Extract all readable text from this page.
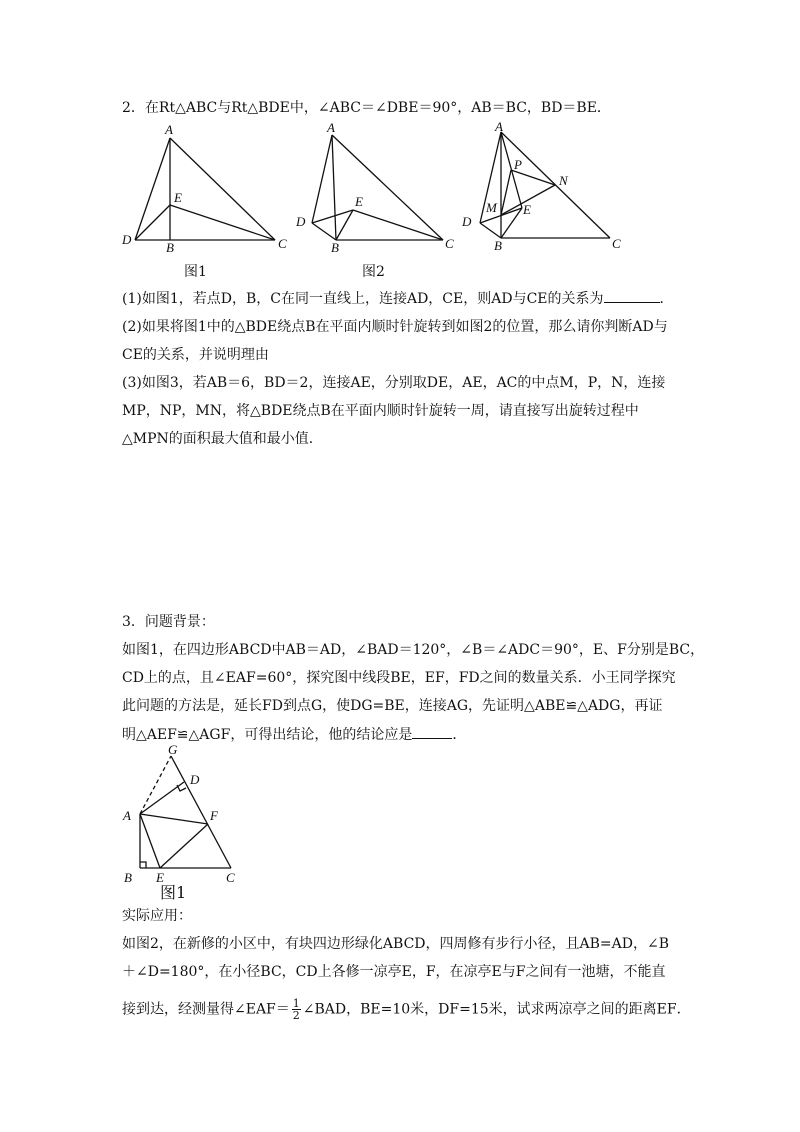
2．在Rt△ABC与Rt△BDE中，∠ABC＝∠DBE＝90°，AB＝BC，BD＝BE．
A
E
D
B	C
A
E
D
B	C
A
P
N
M E
D
B	C
图1	图2
(1)如图1，若点D，B，C在同一直线上，连接AD，CE，则AD与CE的关系为	．
(2)如果将图1中的△BDE绕点B在平面内顺时针旋转到如图2的位置，那么请你判断AD与
CE的关系，并说明理由
(3)如图3，若AB＝6，BD＝2，连接AE，分别取DE，AE，AC的中点M，P，N，连接
MP，NP，MN，将△BDE绕点B在平面内顺时针旋转一周，请直接写出旋转过程中
△MPN的面积最大值和最小值．
3．问题背景：
如图1，在四边形ABCD中AB＝AD，∠BAD＝120°，∠B＝∠ADC＝90°，E、F分别是BC，
CD上的点，且∠EAF=60°，探究图中线段BE，EF，FD之间的数量关系．小王同学探究
此问题的方法是，延长FD到点G，使DG=BE，连接AG，先证明△ABE≌△ADG，再证
明△AEF≌△AGF，可得出结论，他的结论应是	．
G
D
A	F
B E	C
图1
实际应用：
如图2，在新修的小区中，有块四边形绿化ABCD，四周修有步行小径，且AB=AD，∠B
＋∠D=180°，在小径BC，CD上各修一凉亭E，F，在凉亭E与F之间有一池塘，不能直
接到达，经测量得∠EAF＝ $\frac{1}{2}$ ∠BAD，BE=10米，DF=15米，试求两凉亭之间的距离EF．
